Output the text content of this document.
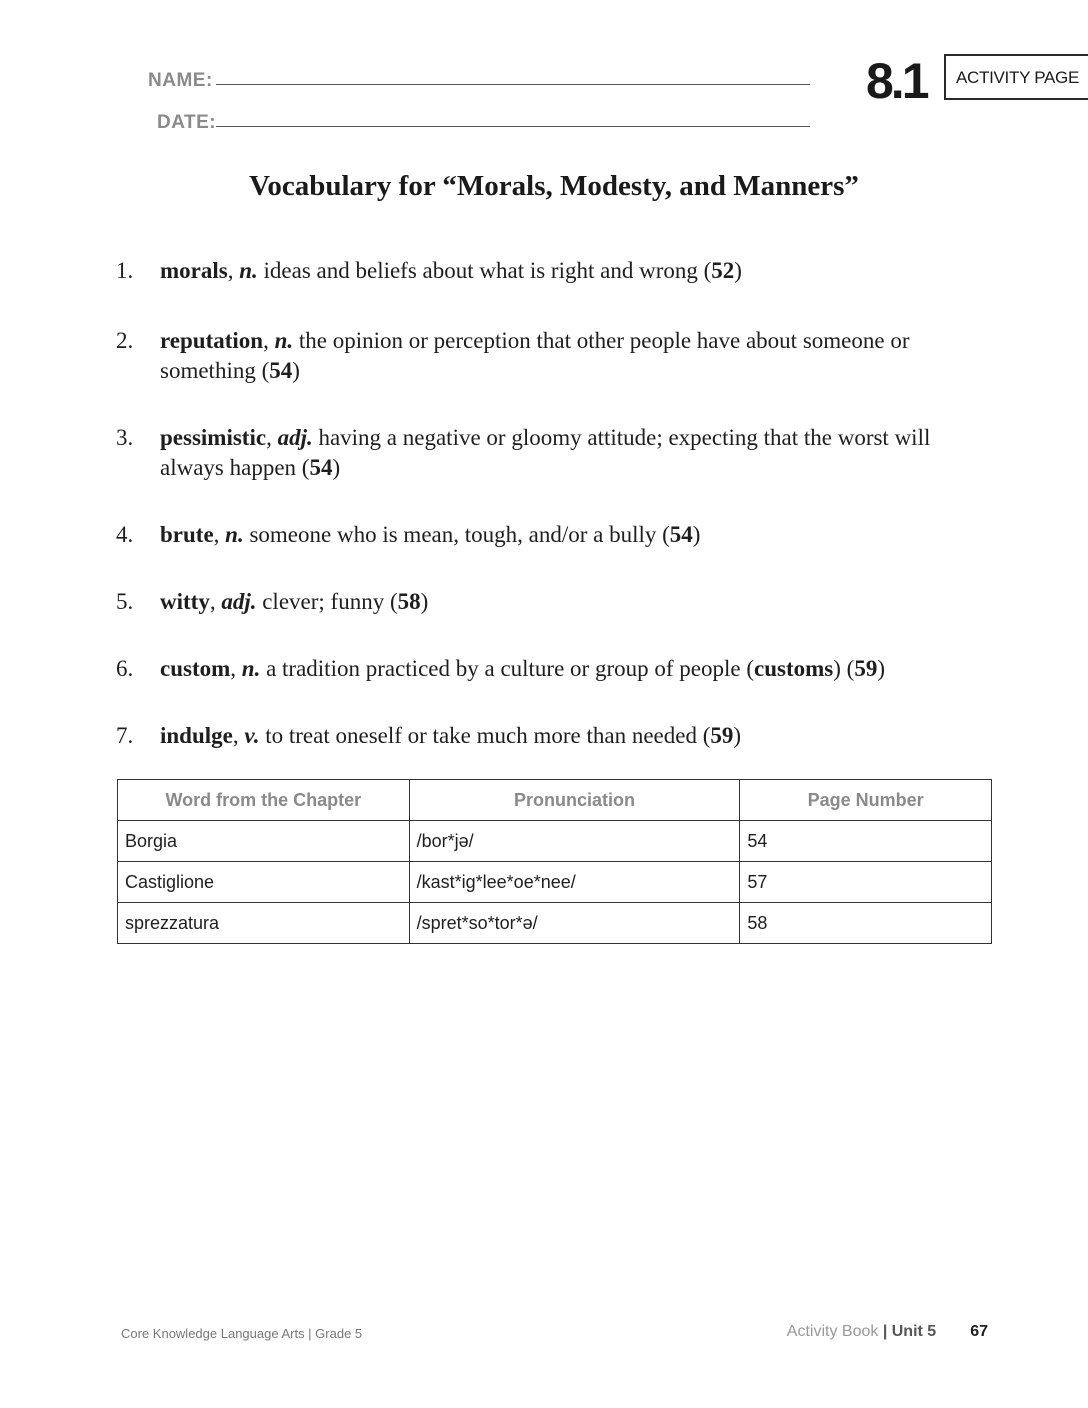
NAME:
DATE:
8.1	ACTIVITY PAGE
Vocabulary for “Morals, Modesty, and Manners”
1. morals, n. ideas and beliefs about what is right and wrong (52)
2. reputation, n. the opinion or perception that other people have about someone or something (54)
3. pessimistic, adj. having a negative or gloomy attitude; expecting that the worst will always happen (54)
4. brute, n. someone who is mean, tough, and/or a bully (54)
5. witty, adj. clever; funny (58)
6. custom, n. a tradition practiced by a culture or group of people (customs) (59)
7. indulge, v. to treat oneself or take much more than needed (59)
Word from the Chapter	Pronunciation	Page Number
Borgia	/bor*jə/	54
Castiglione	/kast*ig*lee*oe*nee/	57
sprezzatura	/spret*so*tor*ə/	58
Core Knowledge Language Arts | Grade 5	Activity Book | Unit 5 67
